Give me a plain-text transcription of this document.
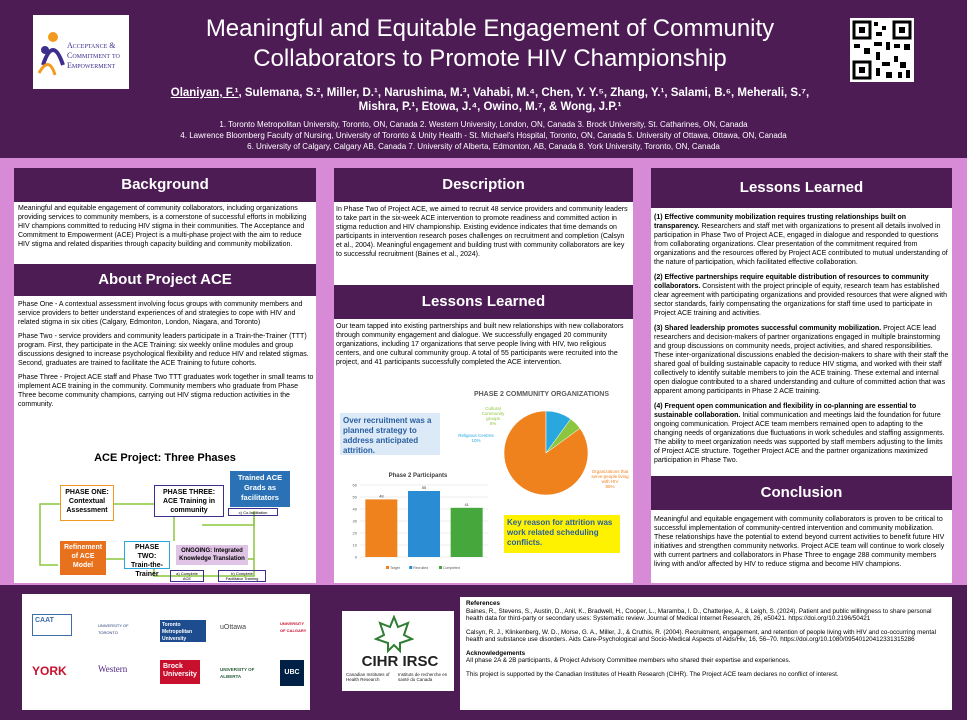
Acceptance &
Commitment to
Empowerment
Meaningful and Equitable Engagement of Community
Collaborators to Promote HIV Championship
Olaniyan, F.¹, Sulemana, S.², Miller, D.¹, Narushima, M.³, Vahabi, M.⁴, Chen, Y. Y.⁵, Zhang, Y.¹, Salami, B.⁶, Meherali, S.⁷,
Mishra, P.¹, Etowa, J.⁴, Owino, M.⁷, & Wong, J.P.¹
1. Toronto Metropolitan University, Toronto, ON, Canada 2. Western University, London, ON, Canada 3. Brock University, St. Catharines, ON, Canada
4. Lawrence Bloomberg Faculty of Nursing, University of Toronto & Unity Health - St. Michael's Hospital, Toronto, ON, Canada 5. University of Ottawa, Ottawa, ON, Canada
6. University of Calgary, Calgary AB, Canada 7. University of Alberta, Edmonton, AB, Canada 8. York University, Toronto, ON, Canada
Background
Meaningful and equitable engagement of community collaborators, including organizations providing services to community members, is a cornerstone of successful efforts in mobilizing HIV champions committed to reducing HIV stigma in their communities. The Acceptance and Commitment to Empowerment (ACE) Project is a multi-phase project with the aim to reduce HIV stigma and related disparities through capacity building and community mobilization.
About Project ACE

Phase One - A contextual assessment involving focus groups with community members and service providers to better understand experiences of and strategies to cope with HIV and related stigma in six cities (Calgary, Edmonton, London, Niagara, and Toronto)

Phase Two - service providers and community leaders participate in a Train-the-Trainer (TTT) program. First, they participate in the ACE Training: six weekly online modules and group discussions designed to increase psychological flexibility and reduce HIV and related stigmas. Second, graduates are trained to facilitate the ACE Training to future cohorts.

Phase Three - Project ACE staff and Phase Two TTT graduates work together in small teams to implement ACE training in the community. Community members who graduate from Phase Three become community champions, carrying out HIV stigma reduction activities in the community.

ACE Project: Three Phases
PHASE ONE:
Contextual
Assessment
PHASE THREE:
ACE Training in
community
Trained ACE
Grads as
facilitators
c) Co-facilitation
Refinement
of ACE
Model
PHASE TWO:
Train-the-
Trainer
ONGOING: Integrated
Knowledge Translation
a) Complete
ACE
b) Complete
Facilitator Training
Description
In Phase Two of Project ACE, we aimed to recruit 48 service providers and community leaders to take part in the six-week ACE intervention to promote readiness and committed action in stigma reduction and HIV championship. Existing evidence indicates that time demands on participants in intervention research poses challenges on recruitment and completion (Calsyn et al., 2004). Meaningful engagement and building trust with community collaborators are key to successful recruitment (Baines et al., 2024).
Lessons Learned
Our team tapped into existing partnerships and built new relationships with new collaborators through community engagement and dialogue. We successfully engaged 20 community organizations, including 17 organizations that serve people living with HIV, two religious centers, and one cultural community group. A total of 55 participants were recruited into the project, and 41 participants successfully completed the ACE intervention.
PHASE 2 COMMUNITY ORGANIZATIONS
Cultural Community
groups
5%
Religious Centres
10%
Organizations that
serve people living
with HIV
85%
Over recruitment was a planned strategy to address anticipated attrition.
Phase 2 Participants
0
10
20
30
40
50
60
48
55
41
Target	Recruited	Completed
Key reason for attrition was work related scheduling conflicts.
Lessons Learned
(1) Effective community mobilization requires trusting relationships built on transparency. Researchers and staff met with organizations to present all details involved in participation in Phase Two of Project ACE, engaged in dialogue and responded to questions from collaborating organizations. Clear presentation of the commitment required from organizations and the resources offered by Project ACE contributed to mutual understanding of the nature of participation, which facilitated effective collaboration.
(2) Effective partnerships require equitable distribution of resources to community collaborators. Consistent with the project principle of equity, research team has established clear agreement with participating organizations and provided resources that were aligned with sector standards, fairly compensating the organizations for staff time used to participate in Project ACE training and activities.
(3) Shared leadership promotes successful community mobilization. Project ACE lead researchers and decision-makers of partner organizations engaged in multiple brainstorming and group discussions on community needs, project activities, and shared responsibilities. These inter-organizational discussions enabled the decision-makers to share with their staff the shared goal of building sustainable capacity to reduce HIV stigma, and worked with their staff collectively to identify suitable members to join the ACE training. These external and internal open dialogue contributed to a shared understanding and culture of committed action that was apparent among participants in Phase 2 ACE training.
(4) Frequent open communication and flexibility in co-planning are essential to sustainable collaboration. Initial communication and meetings laid the foundation for future ongoing communication. Project ACE team members remained open to adapting to the changing needs of organizations due fluctuations in work schedules and staffing assignments. The ability to meet organization needs was supported by staff members adjusting to the limits of Project ACE structure. Together Project ACE and the partner organizations maximized participation in Phase Two.
Conclusion
Meaningful and equitable engagement with community collaborators is proven to be critical to successful implementation of community-centred intervention and community mobilization. These relationships have the potential to extend beyond current activities to benefit future HIV initiatives and strengthen community networks. Project ACE team will continue to work closely with current partners and collaborators in Phase Three to engage 288 community members living with and/or affected by HIV to reduce stigma and become HIV champions.
CAAT
UNIVERSITY OF TORONTO
Toronto Metropolitan University
uOttawa
UNIVERSITY OF CALGARY
YORK	Western	Brock University
UNIVERSITY OF ALBERTA
UBC
CIHR IRSC
Canadian Institutes of Health Research
Instituts de recherche en santé du Canada
References
Baines, R., Stevens, S., Austin, D., Anil, K., Bradwell, H., Cooper, L., Maramba, I. D., Chatterjee, A., & Leigh, S. (2024). Patient and public willingness to share personal health data for third-party or secondary uses: Systematic review. Journal of Medical Internet Research, 26, e50421. https://doi.org/10.2196/50421
Calsyn, R. J., Klinkenberg, W. D., Morse, G. A., Miller, J., & Cruthis, R. (2004). Recruitment, engagement, and retention of people living with HIV and co-occurring mental health and substance use disorders. Aids Care-Psychological and Socio-Medical Aspects of Aids/Hiv, 16, 56–70. https://doi.org/10.1080/09540120412331315286
Acknowledgements
All phase 2A & 2B participants, & Project Advisory Committee members who shared their expertise and experiences.
This project is supported by the Canadian Institutes of Health Research (CIHR). The Project ACE team declares no conflict of interest.
